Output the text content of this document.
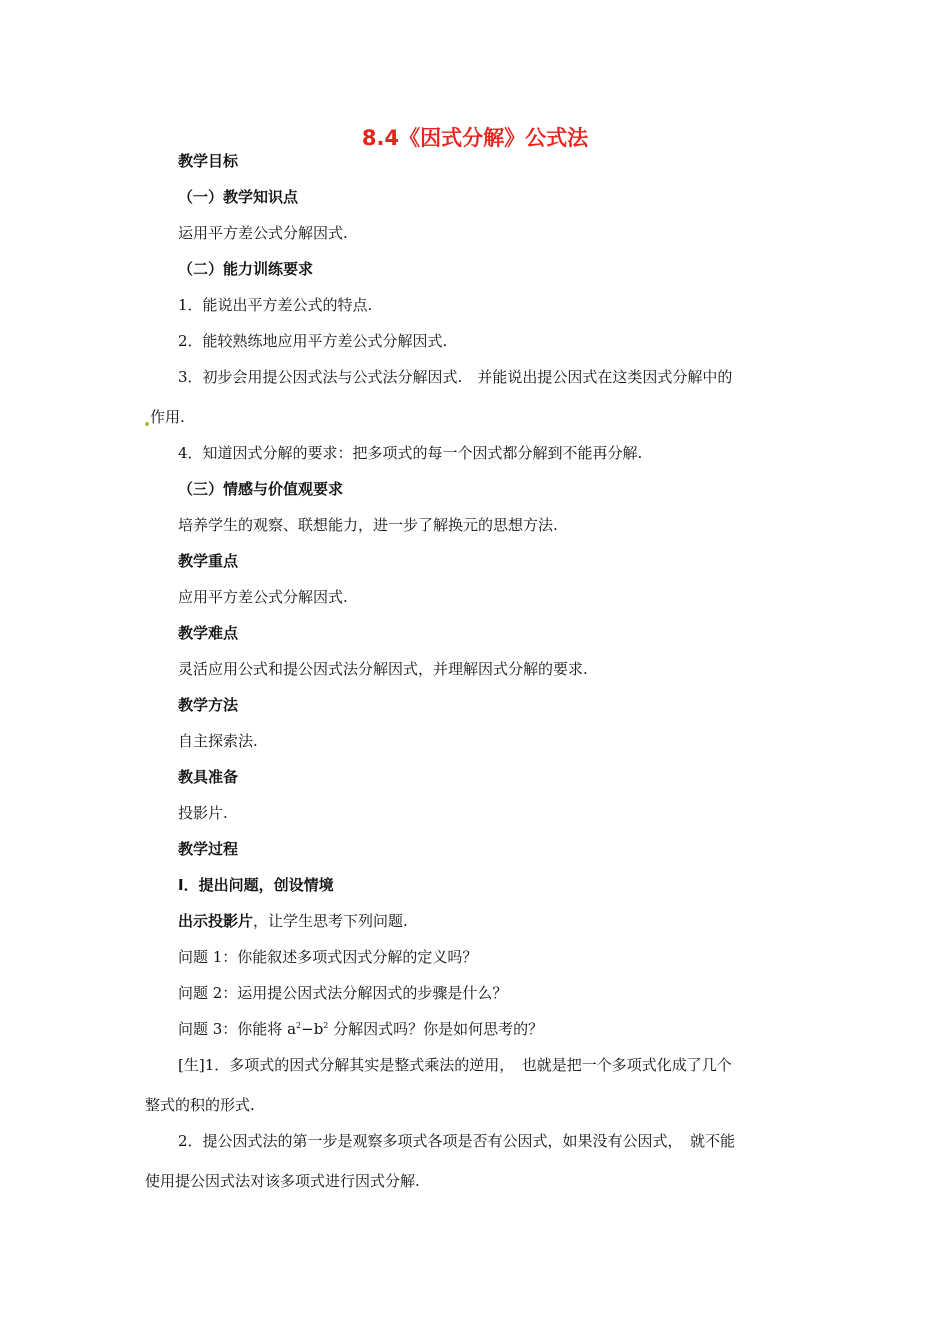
8.4《因式分解》公式法
教学目标
（一）教学知识点
运用平方差公式分解因式.
（二）能力训练要求
1．能说出平方差公式的特点.
2．能较熟练地应用平方差公式分解因式.
3．初步会用提公因式法与公式法分解因式.　并能说出提公因式在这类因式分解中的
作用.
4．知道因式分解的要求：把多项式的每一个因式都分解到不能再分解.
（三）情感与价值观要求
培养学生的观察、联想能力，进一步了解换元的思想方法.
教学重点
应用平方差公式分解因式.
教学难点
灵活应用公式和提公因式法分解因式，并理解因式分解的要求.
教学方法
自主探索法.
教具准备
投影片.
教学过程
Ⅰ．提出问题，创设情境
出示投影片，让学生思考下列问题.
问题 1：你能叙述多项式因式分解的定义吗？
问题 2：运用提公因式法分解因式的步骤是什么？
问题 3：你能将 $a^2-b^2$ 分解因式吗？你是如何思考的？
[生]1．多项式的因式分解其实是整式乘法的逆用，　也就是把一个多项式化成了几个
整式的积的形式.
2．提公因式法的第一步是观察多项式各项是否有公因式，如果没有公因式，　就不能
使用提公因式法对该多项式进行因式分解.
